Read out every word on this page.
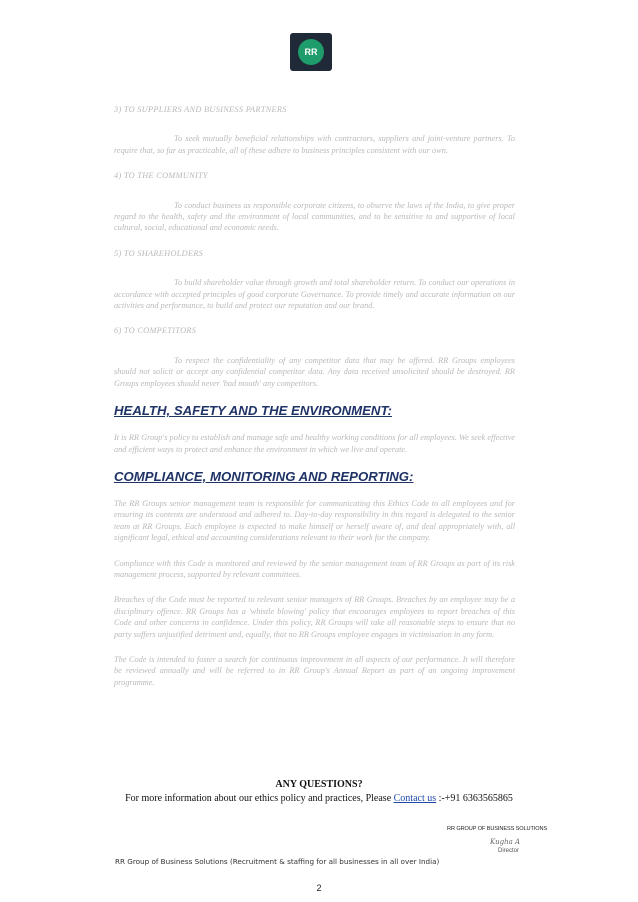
RR
3) TO SUPPLIERS AND BUSINESS PARTNERS
To seek mutually beneficial relationships with contractors, suppliers and joint-venture partners. To require that, so far as practicable, all of these adhere to business principles consistent with our own.
4) TO THE COMMUNITY
To conduct business as responsible corporate citizens, to observe the laws of the India, to give proper regard to the health, safety and the environment of local communities, and to be sensitive to and supportive of local cultural, social, educational and economic needs.
5) TO SHAREHOLDERS
To build shareholder value through growth and total shareholder return. To conduct our operations in accordance with accepted principles of good corporate Governance. To provide timely and accurate information on our activities and performance, to build and protect our reputation and our brand.
6) TO COMPETITORS
To respect the confidentiality of any competitor data that may be offered. RR Groups employees should not solicit or accept any confidential competitor data. Any data received unsolicited should be destroyed. RR Groups employees should never 'bad mouth' any competitors.
HEALTH, SAFETY AND THE ENVIRONMENT:
It is RR Group's policy to establish and manage safe and healthy working conditions for all employees. We seek effective and efficient ways to protect and enhance the environment in which we live and operate.
COMPLIANCE, MONITORING AND REPORTING:
The RR Groups senior management team is responsible for communicating this Ethics Code to all employees and for ensuring its contents are understood and adhered to. Day-to-day responsibility in this regard is delegated to the senior team at RR Groups. Each employee is expected to make himself or herself aware of, and deal appropriately with, all significant legal, ethical and accounting considerations relevant to their work for the company.
Compliance with this Code is monitored and reviewed by the senior management team of RR Groups as part of its risk management process, supported by relevant committees.
Breaches of the Code must be reported to relevant senior managers of RR Groups. Breaches by an employee may be a disciplinary offence. RR Groups has a 'whistle blowing' policy that encourages employees to report breaches of this Code and other concerns in confidence. Under this policy, RR Groups will take all reasonable steps to ensure that no party suffers unjustified detriment and, equally, that no RR Groups employee engages in victimisation in any form.
The Code is intended to foster a search for continuous improvement in all aspects of our performance. It will therefore be reviewed annually and will be referred to in RR Group's Annual Report as part of an ongoing improvement programme.
ANY QUESTIONS?
For more information about our ethics policy and practices, Please Contact us :-+91 6363565865
RR GROUP OF BUSINESS SOLUTIONS
Kugha A
Director
RR Group of Business Solutions (Recruitment & staffing for all businesses in all over India)
2
